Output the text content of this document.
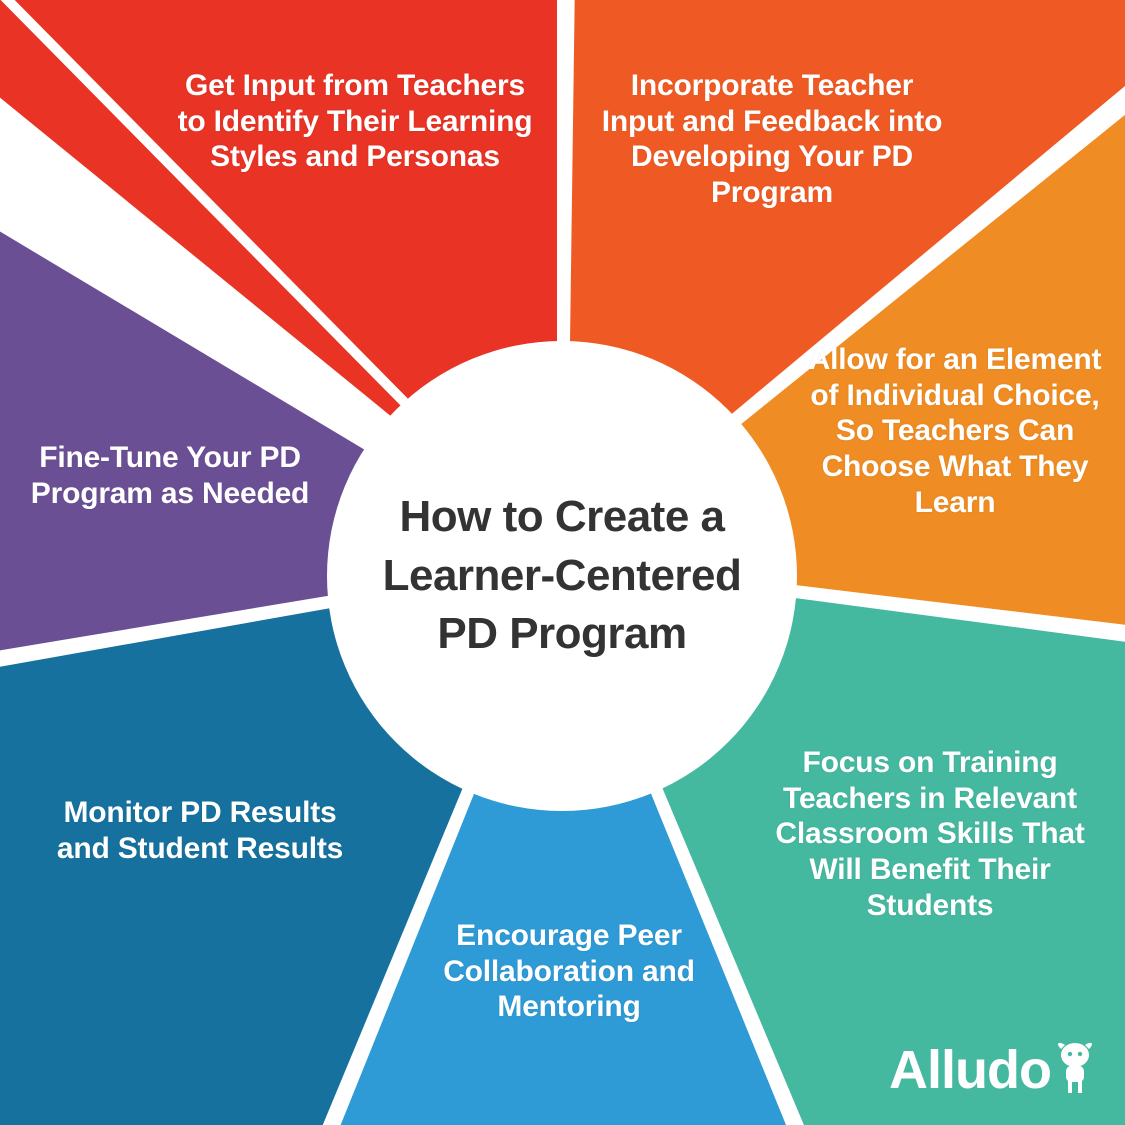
Get Input from Teachers to Identify Their Learning Styles and Personas
Incorporate Teacher Input and Feedback into Developing Your PD Program
Allow for an Element of Individual Choice, So Teachers Can Choose What They Learn
Focus on Training Teachers in Relevant Classroom Skills That Will Benefit Their Students
Encourage Peer Collaboration and Mentoring
Monitor PD Results and Student Results
Fine-Tune Your PD Program as Needed	How to Create a Learner-Centered PD Program
Alludo
